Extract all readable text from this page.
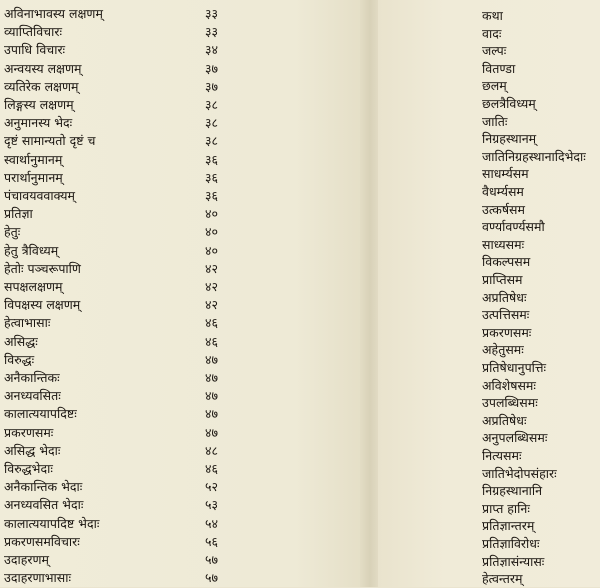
अविनाभावस्य लक्षणम्	३३
व्याप्तिविचारः	३३
उपाधि विचारः	३४
अन्वयस्य लक्षणम्	३७
व्यतिरेक लक्षणम्	३७
लिङ्गस्य लक्षणम्	३८
अनुमानस्य भेदः	३८
दृष्टं सामान्यतो दृष्टं च	३८
स्वार्थानुमानम्	३६
परार्थानुमानम्	३६
पंचावयववाक्यम्	३६
प्रतिज्ञा	४०
हेतुः	४०
हेतु त्रैविध्यम्	४०
हेतोः पञ्चरूपाणि	४२
सपक्षलक्षणम्	४२
विपक्षस्य लक्षणम्	४२
हेत्वाभासाः	४६
असिद्धः	४६
विरुद्धः	४७
अनैकान्तिकः	४७
अनध्यवसितः	४७
कालात्ययापदिष्टः	४७
प्रकरणसमः	४७
असिद्ध भेदाः	४८
विरुद्धभेदाः	४६
अनैकान्तिक भेदाः	५२
अनध्यवसित भेदाः	५३
कालात्ययापदिष्ट भेदाः	५४
प्रकरणसमविचारः	५६
उदाहरणम्	५७
उदाहरणाभासाः	५७
कथा
वादः
जल्पः
वितण्डा
छलम्
छलत्रैविध्यम्
जातिः
निग्रहस्थानम्
जातिनिग्रहस्थानादिभेदाः
साधर्म्यसम
वैधर्म्यसम
उत्कर्षसम
वर्ण्यावर्ण्यसमौ
साध्यसमः
विकल्पसम
प्राप्तिसम
अप्रतिषेधः
उत्पत्तिसमः
प्रकरणसमः
अहेतुसमः
प्रतिषेधानुपत्तिः
अविशेषसमः
उपलब्धिसमः
अप्रतिषेधः
अनुपलब्धिसमः
नित्यसमः
जातिभेदोपसंहारः
निग्रहस्थानानि
प्राप्त हानिः
प्रतिज्ञान्तरम्
प्रतिज्ञाविरोधः
प्रतिज्ञासंन्यासः
हेत्वन्तरम्
